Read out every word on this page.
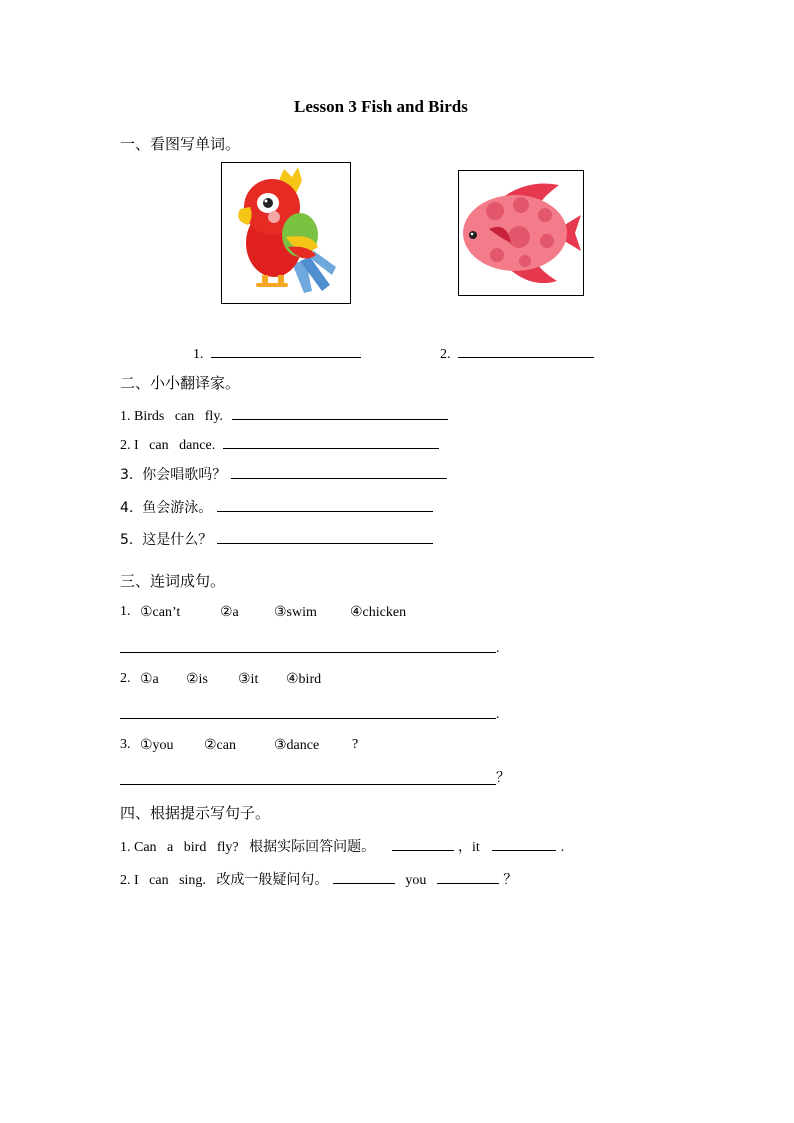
Lesson 3 Fish and Birds
一、看图写单词。
1.	2.
二、小小翻译家。
1. Birds   can   fly.
2. I   can   dance.
3.  你会唱歌吗？
4.  鱼会游泳。
5.  这是什么？
三、连词成句。
1. ①can’t	②a	③swim ④chicken
.
2. ①a ②is ③it ④bird
.
3. ①you ②can	③dance ?
？
四、根据提示写句子。
1. Can   a   bird   fly?   根据实际回答问题。	，it	.
2. I   can   sing.   改成一般疑问句。	you	？
